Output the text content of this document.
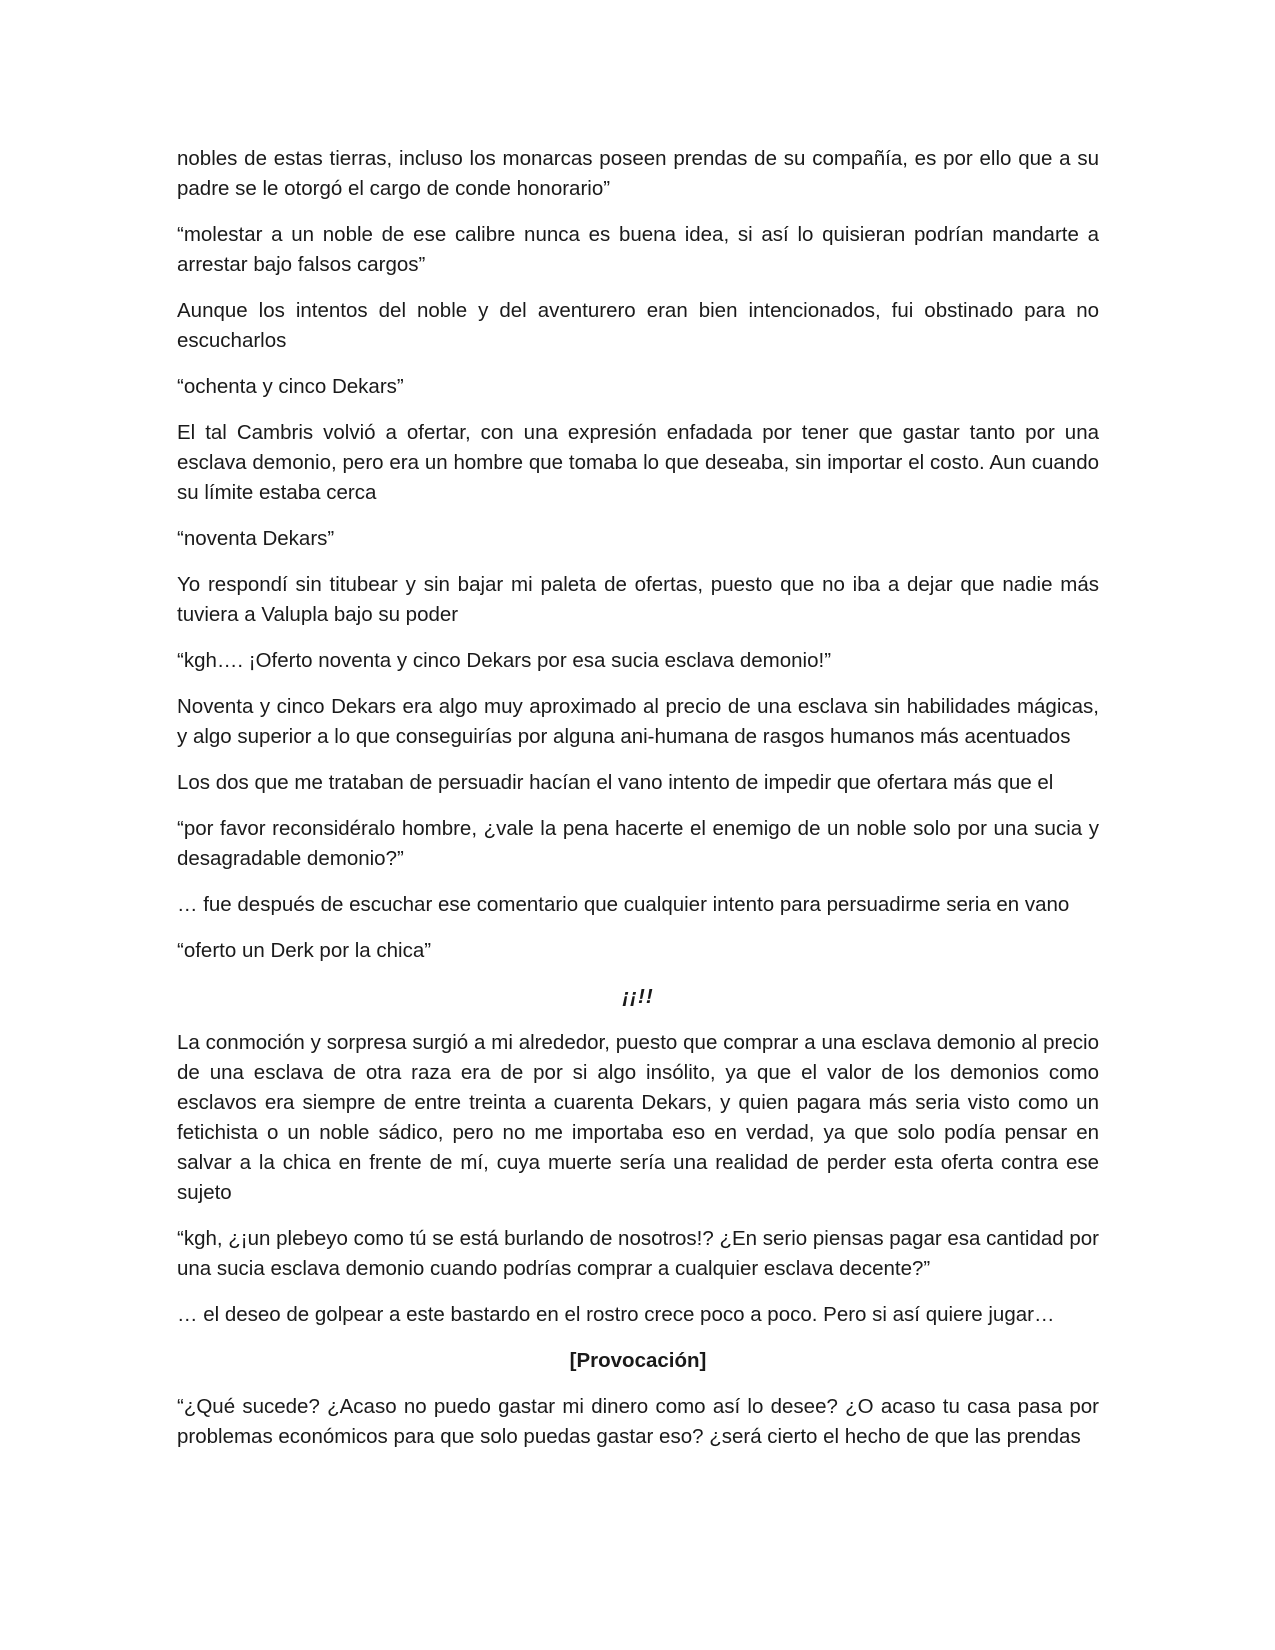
nobles de estas tierras, incluso los monarcas poseen prendas de su compañía, es por ello que a su padre se le otorgó el cargo de conde honorario”

“molestar a un noble de ese calibre nunca es buena idea, si así lo quisieran podrían mandarte a arrestar bajo falsos cargos”

Aunque los intentos del noble y del aventurero eran bien intencionados, fui obstinado para no escucharlos

“ochenta y cinco Dekars”

El tal Cambris volvió a ofertar, con una expresión enfadada por tener que gastar tanto por una esclava demonio, pero era un hombre que tomaba lo que deseaba, sin importar el costo. Aun cuando su límite estaba cerca

“noventa Dekars”

Yo respondí sin titubear y sin bajar mi paleta de ofertas, puesto que no iba a dejar que nadie más tuviera a Valupla bajo su poder

“kgh…. ¡Oferto noventa y cinco Dekars por esa sucia esclava demonio!”

Noventa y cinco Dekars era algo muy aproximado al precio de una esclava sin habilidades mágicas, y algo superior a lo que conseguirías por alguna ani-humana de rasgos humanos más acentuados

Los dos que me trataban de persuadir hacían el vano intento de impedir que ofertara más que el

“por favor reconsidéralo hombre, ¿vale la pena hacerte el enemigo de un noble solo por una sucia y desagradable demonio?”

… fue después de escuchar ese comentario que cualquier intento para persuadirme seria en vano

“oferto un Derk por la chica”

¡¡!!

La conmoción y sorpresa surgió a mi alrededor, puesto que comprar a una esclava demonio al precio de una esclava de otra raza era de por si algo insólito, ya que el valor de los demonios como esclavos era siempre de entre treinta a cuarenta Dekars, y quien pagara más seria visto como un fetichista o un noble sádico, pero no me importaba eso en verdad, ya que solo podía pensar en salvar a la chica en frente de mí, cuya muerte sería una realidad de perder esta oferta contra ese sujeto

“kgh, ¿¡un plebeyo como tú se está burlando de nosotros!? ¿En serio piensas pagar esa cantidad por una sucia esclava demonio cuando podrías comprar a cualquier esclava decente?”

… el deseo de golpear a este bastardo en el rostro crece poco a poco. Pero si así quiere jugar…

[Provocación]

“¿Qué sucede? ¿Acaso no puedo gastar mi dinero como así lo desee? ¿O acaso tu casa pasa por problemas económicos para que solo puedas gastar eso? ¿será cierto el hecho de que las prendas
